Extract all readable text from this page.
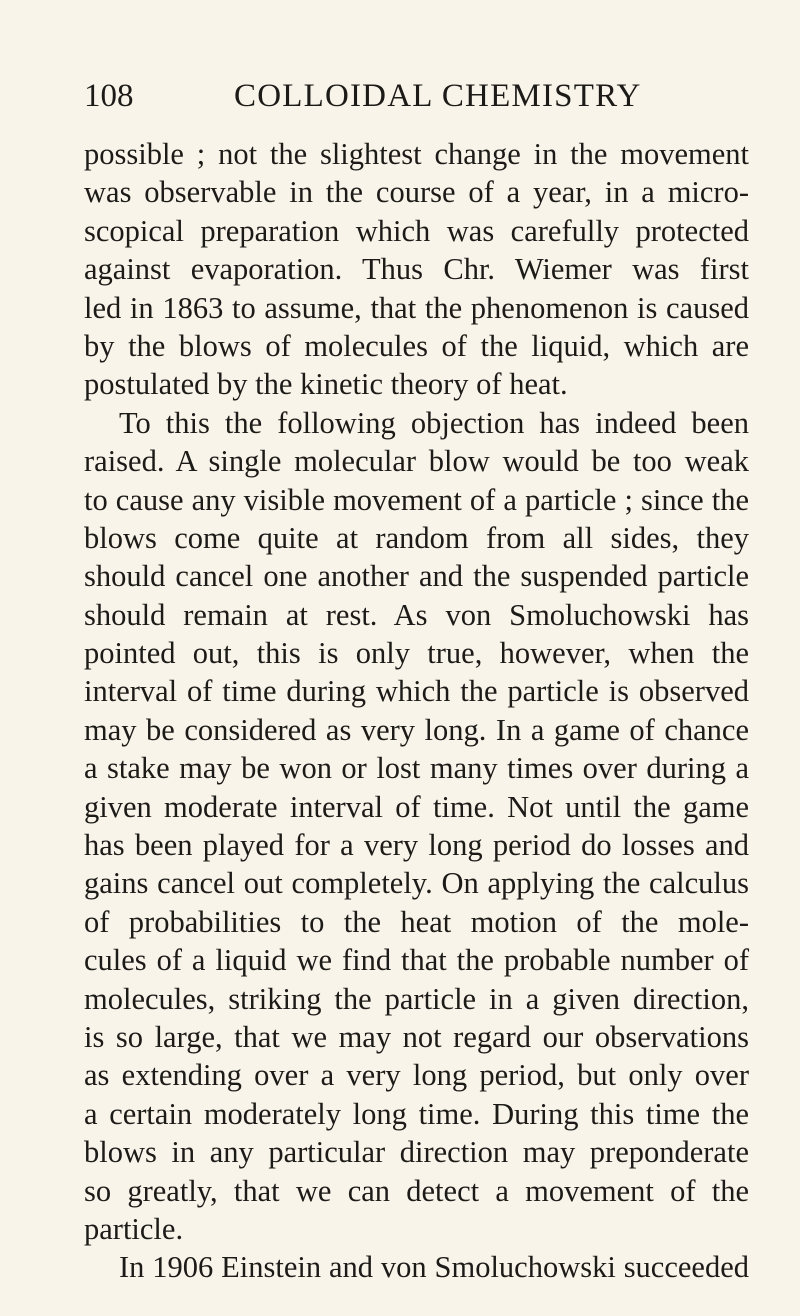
108	COLLOIDAL CHEMISTRY
possible ; not the slightest change in the movement
was observable in the course of a year, in a micro-
scopical preparation which was carefully protected
against evaporation. Thus Chr. Wiemer was first
led in 1863 to assume, that the phenomenon is caused
by the blows of molecules of the liquid, which are
postulated by the kinetic theory of heat.
To this the following objection has indeed been
raised. A single molecular blow would be too weak
to cause any visible movement of a particle ; since the
blows come quite at random from all sides, they
should cancel one another and the suspended particle
should remain at rest. As von Smoluchowski has
pointed out, this is only true, however, when the
interval of time during which the particle is observed
may be considered as very long. In a game of chance
a stake may be won or lost many times over during a
given moderate interval of time. Not until the game
has been played for a very long period do losses and
gains cancel out completely. On applying the calculus
of probabilities to the heat motion of the mole-
cules of a liquid we find that the probable number of
molecules, striking the particle in a given direction,
is so large, that we may not regard our observations
as extending over a very long period, but only over
a certain moderately long time. During this time the
blows in any particular direction may preponderate
so greatly, that we can detect a movement of the
particle.
In 1906 Einstein and von Smoluchowski succeeded
